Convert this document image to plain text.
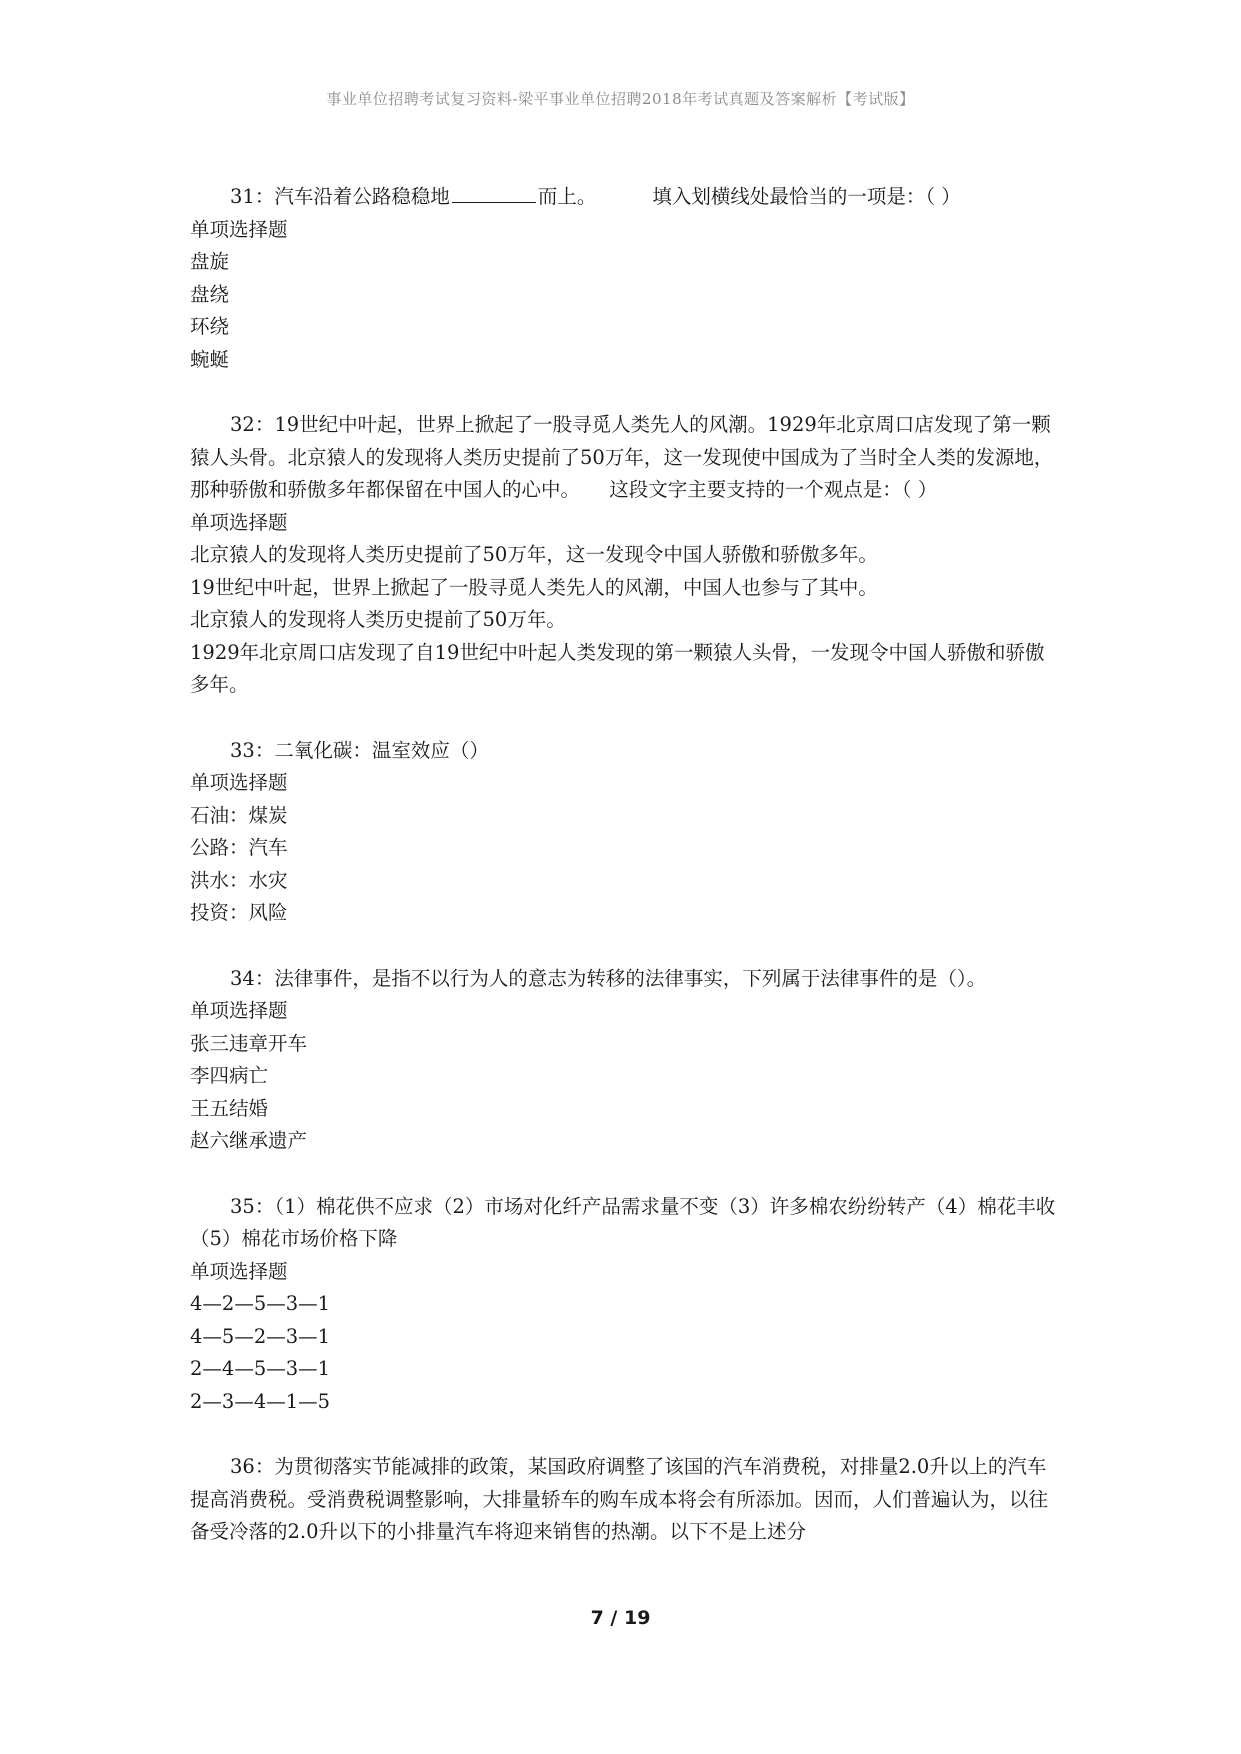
事业单位招聘考试复习资料-梁平事业单位招聘2018年考试真题及答案解析【考试版】
31：汽车沿着公路稳稳地	而上。	填入划横线处最恰当的一项是：（ ）
单项选择题
盘旋
盘绕
环绕
蜿蜒
32：19世纪中叶起，世界上掀起了一股寻觅人类先人的风潮。1929年北京周口店发现了第一颗猿人头骨。北京猿人的发现将人类历史提前了50万年，这一发现使中国成为了当时全人类的发源地，那种骄傲和骄傲多年都保留在中国人的心中。　　这段文字主要支持的一个观点是：（ ）
单项选择题
北京猿人的发现将人类历史提前了50万年，这一发现令中国人骄傲和骄傲多年。
19世纪中叶起，世界上掀起了一股寻觅人类先人的风潮，中国人也参与了其中。
北京猿人的发现将人类历史提前了50万年。
1929年北京周口店发现了自19世纪中叶起人类发现的第一颗猿人头骨，一发现令中国人骄傲和骄傲多年。
33：二氧化碳：温室效应（）
单项选择题
石油：煤炭
公路：汽车
洪水：水灾
投资：风险
34：法律事件，是指不以行为人的意志为转移的法律事实，下列属于法律事件的是（）。
单项选择题
张三违章开车
李四病亡
王五结婚
赵六继承遗产
35：（1）棉花供不应求（2）市场对化纤产品需求量不变（3）许多棉农纷纷转产（4）棉花丰收（5）棉花市场价格下降
单项选择题
4—2—5—3—1
4—5—2—3—1
2—4—5—3—1
2—3—4—1—5
36：为贯彻落实节能减排的政策，某国政府调整了该国的汽车消费税，对排量2.0升以上的汽车提高消费税。受消费税调整影响，大排量轿车的购车成本将会有所添加。因而，人们普遍认为，以往备受冷落的2.0升以下的小排量汽车将迎来销售的热潮。以下不是上述分
7 / 19
